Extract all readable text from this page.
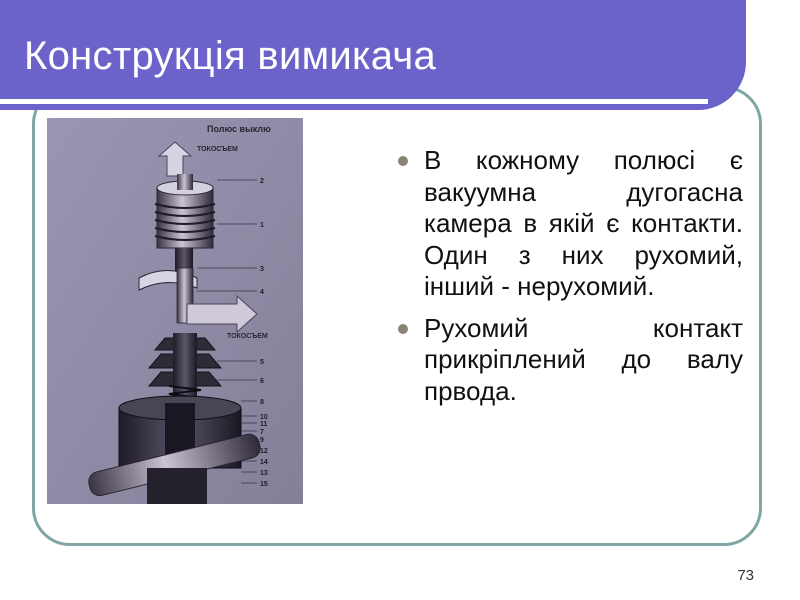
Конструкція вимикача
Полюс выклю
ТОКОСЪЕМ
ТОКОСЪЕМ
2
1
3
4
5
6
8
10
11
7
9
12
14
13
15
В кожному полюсі є вакуумна дугогасна камера в якій є контакти. Один з них рухомий, інший - нерухомий.
Рухомий контакт прикріплений до валу првода.
73
